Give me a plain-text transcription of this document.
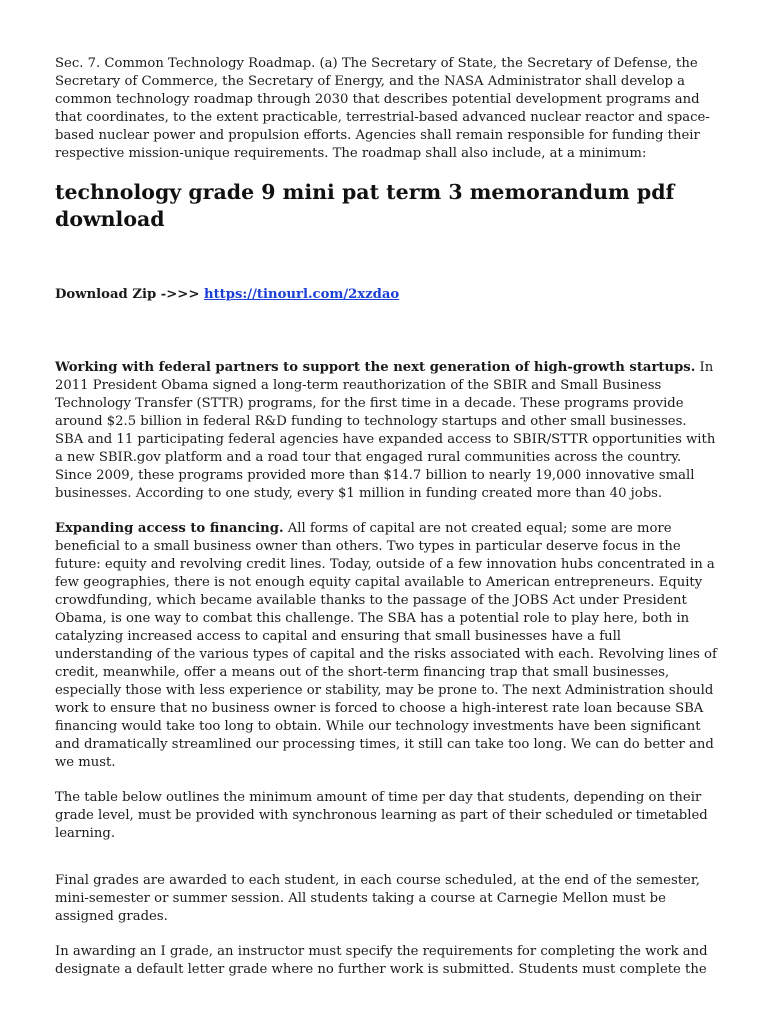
Sec. 7. Common Technology Roadmap. (a) The Secretary of State, the Secretary of Defense, the Secretary of Commerce, the Secretary of Energy, and the NASA Administrator shall develop a common technology roadmap through 2030 that describes potential development programs and that coordinates, to the extent practicable, terrestrial-based advanced nuclear reactor and space-based nuclear power and propulsion efforts. Agencies shall remain responsible for funding their respective mission-unique requirements. The roadmap shall also include, at a minimum:

technology grade 9 mini pat term 3 memorandum pdf download

Download Zip ->>> https://tinourl.com/2xzdao

Working with federal partners to support the next generation of high-growth startups. In 2011 President Obama signed a long-term reauthorization of the SBIR and Small Business Technology Transfer (STTR) programs, for the first time in a decade. These programs provide around $2.5 billion in federal R&D funding to technology startups and other small businesses. SBA and 11 participating federal agencies have expanded access to SBIR/STTR opportunities with a new SBIR.gov platform and a road tour that engaged rural communities across the country. Since 2009, these programs provided more than $14.7 billion to nearly 19,000 innovative small businesses. According to one study, every $1 million in funding created more than 40 jobs.

Expanding access to financing. All forms of capital are not created equal; some are more beneficial to a small business owner than others. Two types in particular deserve focus in the future: equity and revolving credit lines. Today, outside of a few innovation hubs concentrated in a few geographies, there is not enough equity capital available to American entrepreneurs. Equity crowdfunding, which became available thanks to the passage of the JOBS Act under President Obama, is one way to combat this challenge. The SBA has a potential role to play here, both in catalyzing increased access to capital and ensuring that small businesses have a full understanding of the various types of capital and the risks associated with each. Revolving lines of credit, meanwhile, offer a means out of the short-term financing trap that small businesses, especially those with less experience or stability, may be prone to. The next Administration should work to ensure that no business owner is forced to choose a high-interest rate loan because SBA financing would take too long to obtain. While our technology investments have been significant and dramatically streamlined our processing times, it still can take too long. We can do better and we must.

The table below outlines the minimum amount of time per day that students, depending on their grade level, must be provided with synchronous learning as part of their scheduled or timetabled learning.

Final grades are awarded to each student, in each course scheduled, at the end of the semester, mini-semester or summer session. All students taking a course at Carnegie Mellon must be assigned grades.

In awarding an I grade, an instructor must specify the requirements for completing the work and designate a default letter grade where no further work is submitted. Students must complete the
